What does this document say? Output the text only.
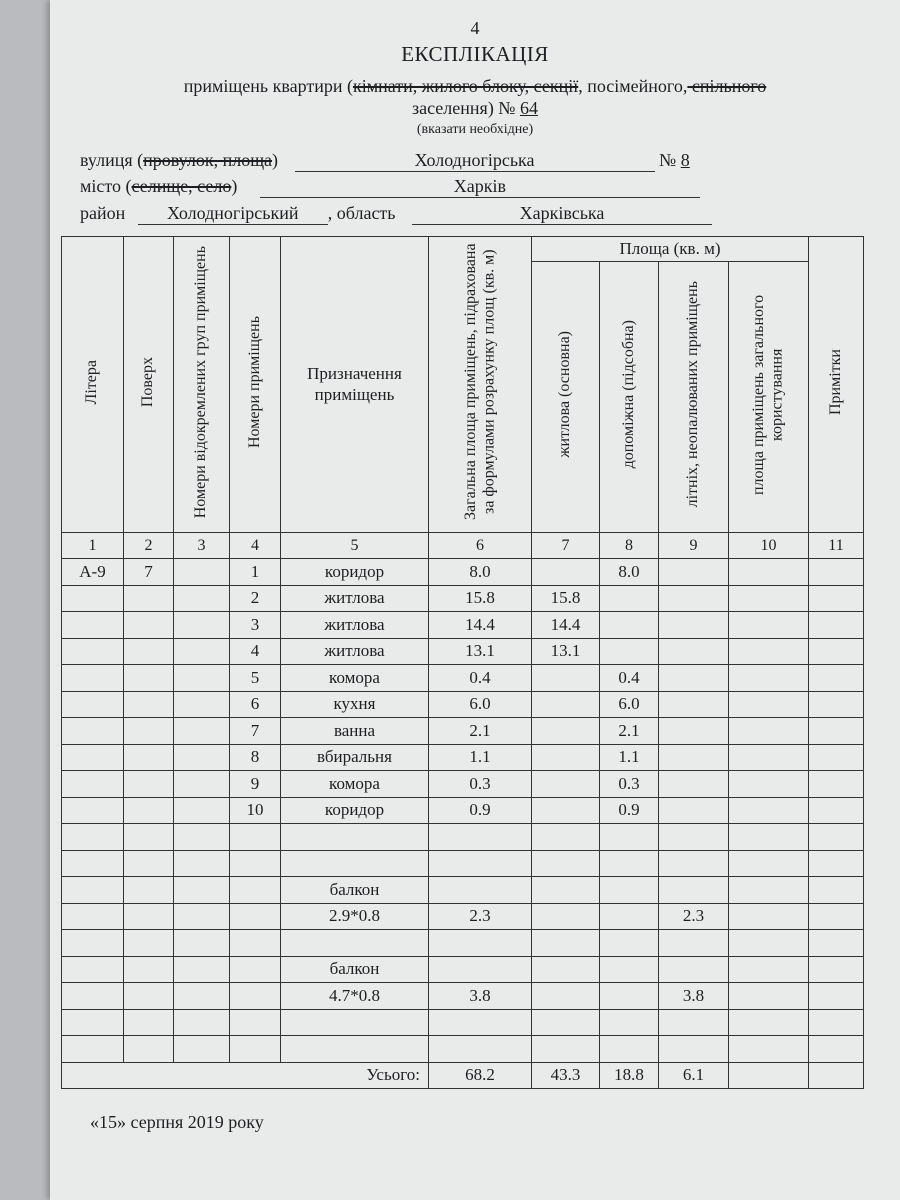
4
ЕКСПЛІКАЦІЯ
приміщень квартири (кімнати, жилого блоку, секції, посімейного, спільного
заселення) № 64
(вказати необхідне)
вулиця (провулок, площа)	Холодногірська	№ 8
місто (селище, село)	Харків
район Холодногірський , область	Харківська
Літера	Поверх	Номери відокремлених груп приміщень	Номери приміщень	Призначення приміщень	Загальна площа приміщень, підрахована за формулами розрахунку площ (кв. м)	Площа (кв. м)				Примітки
						житлова (основна)	допоміжна (підсобна)	літніх, неопалюваних приміщень	площа приміщень загального користування	
1	2	3	4	5	6	7	8	9	10	11
А-9	7		1	коридор	8.0		8.0			
			2	житлова	15.8	15.8				
			3	житлова	14.4	14.4				
			4	житлова	13.1	13.1				
			5	комора	0.4		0.4			
			6	кухня	6.0		6.0			
			7	ванна	2.1		2.1			
			8	вбиральня	1.1		1.1			
			9	комора	0.3		0.3			
			10	коридор	0.9		0.9			

				балкон						
				2.9*0.8	2.3			2.3		

				балкон						
				4.7*0.8	3.8			3.8		

Усього:					68.2	43.3	18.8	6.1		
«15» серпня 2019 року
